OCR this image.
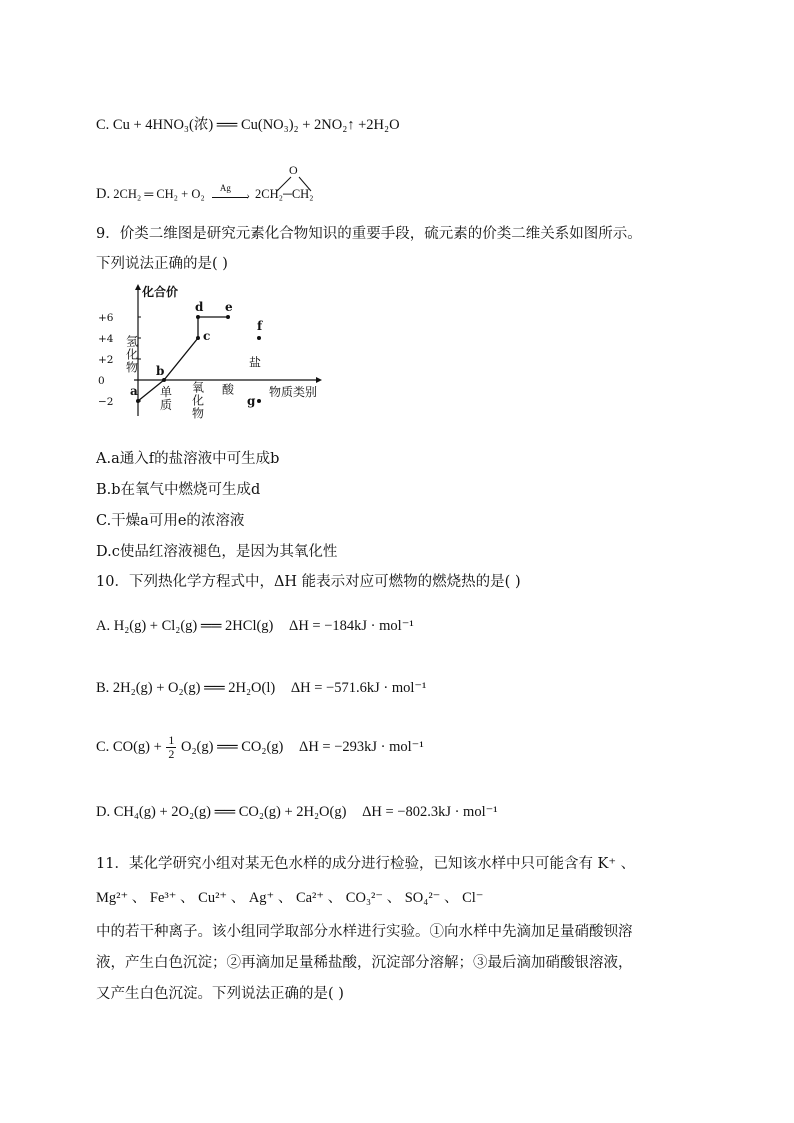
C. Cu + 4HNO₃(浓) ══ Cu(NO₃)₂ + 2NO₂↑ +2H₂O
D. 2CH₂ ═ CH₂ + O₂ Ag
›

O
2CH₂─CH₂
9．价类二维图是研究元素化合物知识的重要手段，硫元素的价类二维关系如图所示。
下列说法正确的是( )
化合价
+6
+4
+2
0
−2
氢
化
物
单
质
氧
化
物
酸
盐
物质类别
a
b
c
d e
f
g
A.a通入f的盐溶液中可生成b
B.b在氧气中燃烧可生成d
C.干燥a可用e的浓溶液
D.c使品红溶液褪色，是因为其氧化性
10．下列热化学方程式中，ΔH 能表示对应可燃物的燃烧热的是( )
A. H₂(g) + Cl₂(g) ══ 2HCl(g) ΔH = −184kJ · mol⁻¹
B. 2H₂(g) + O₂(g) ══ 2H₂O(l) ΔH = −571.6kJ · mol⁻¹
C. $CO(g) + \frac{1}{2} O_2(g)$ ══ CO₂(g) ΔH = −293kJ · mol⁻¹
D. CH₄(g) + 2O₂(g) ══ CO₂(g) + 2H₂O(g) ΔH = −802.3kJ · mol⁻¹
11．某化学研究小组对某无色水样的成分进行检验，已知该水样中只可能含有 K⁺ 、
Mg²⁺ 、 Fe³⁺ 、 Cu²⁺ 、 Ag⁺ 、 Ca²⁺ 、 CO₃²⁻ 、 SO₄²⁻ 、 Cl⁻
中的若干种离子。该小组同学取部分水样进行实验。①向水样中先滴加足量硝酸钡溶
液，产生白色沉淀；②再滴加足量稀盐酸，沉淀部分溶解；③最后滴加硝酸银溶液，
又产生白色沉淀。下列说法正确的是( )
